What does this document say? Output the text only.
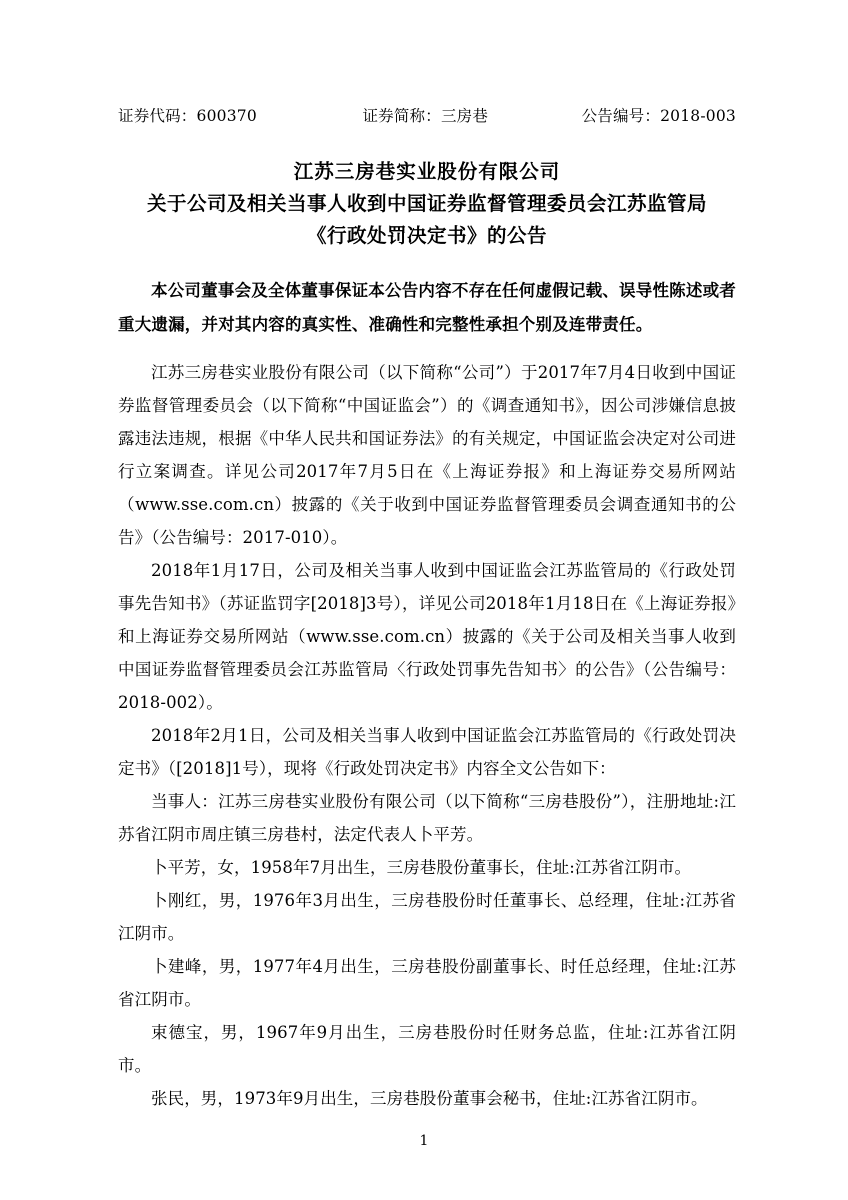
证券代码：600370	证券简称：三房巷	公告编号：2018-003
江苏三房巷实业股份有限公司
关于公司及相关当事人收到中国证券监督管理委员会江苏监管局
《行政处罚决定书》的公告
本公司董事会及全体董事保证本公告内容不存在任何虚假记载、误导性陈述或者重大遗漏，并对其内容的真实性、准确性和完整性承担个别及连带责任。

江苏三房巷实业股份有限公司（以下简称“公司”）于2017年7月4日收到中国证券监督管理委员会（以下简称“中国证监会”）的《调查通知书》，因公司涉嫌信息披露违法违规，根据《中华人民共和国证券法》的有关规定，中国证监会决定对公司进行立案调查。详见公司2017年7月5日在《上海证券报》和上海证券交易所网站（www.sse.com.cn）披露的《关于收到中国证券监督管理委员会调查通知书的公告》（公告编号：2017-010）。

2018年1月17日，公司及相关当事人收到中国证监会江苏监管局的《行政处罚事先告知书》（苏证监罚字[2018]3号），详见公司2018年1月18日在《上海证券报》和上海证券交易所网站（www.sse.com.cn）披露的《关于公司及相关当事人收到中国证券监督管理委员会江苏监管局〈行政处罚事先告知书〉的公告》（公告编号：2018-002）。

2018年2月1日，公司及相关当事人收到中国证监会江苏监管局的《行政处罚决定书》（[2018]1号），现将《行政处罚决定书》内容全文公告如下：

当事人：江苏三房巷实业股份有限公司（以下简称“三房巷股份”），注册地址:江苏省江阴市周庄镇三房巷村，法定代表人卜平芳。

卜平芳，女，1958年7月出生，三房巷股份董事长，住址:江苏省江阴市。

卜刚红，男，1976年3月出生，三房巷股份时任董事长、总经理，住址:江苏省江阴市。

卜建峰，男，1977年4月出生，三房巷股份副董事长、时任总经理，住址:江苏省江阴市。

束德宝，男，1967年9月出生，三房巷股份时任财务总监，住址:江苏省江阴市。

张民，男，1973年9月出生，三房巷股份董事会秘书，住址:江苏省江阴市。

1
